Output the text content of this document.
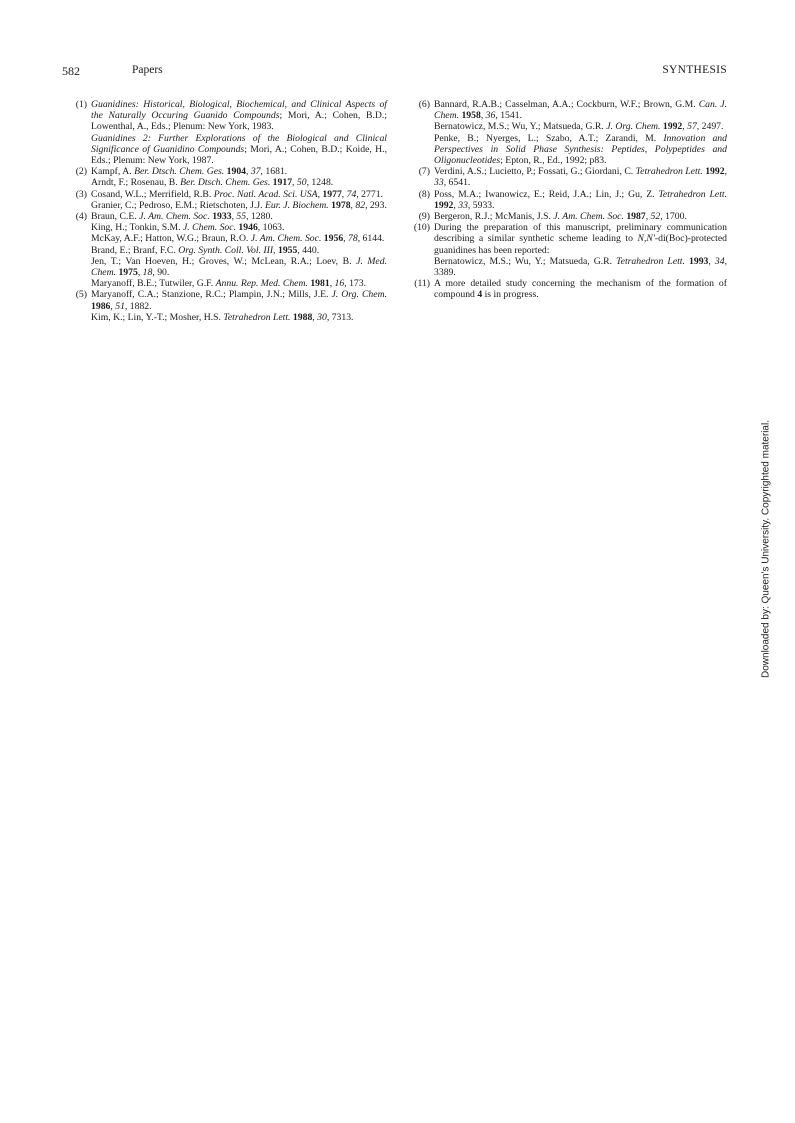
582	Papers	SYNTHESIS
(1) Guanidines: Historical, Biological, Biochemical, and Clinical Aspects of the Naturally Occuring Guanido Compounds; Mori, A.; Cohen, B.D.; Lowenthal, A., Eds.; Plenum: New York, 1983.
Guanidines 2: Further Explorations of the Biological and Clinical Significance of Guanidino Compounds; Mori, A.; Cohen, B.D.; Koide, H., Eds.; Plenum: New York, 1987.
(2) Kampf, A. Ber. Dtsch. Chem. Ges. 1904, 37, 1681.
Arndt, F.; Rosenau, B. Ber. Dtsch. Chem. Ges. 1917, 50, 1248.
(3) Cosand, W.L.; Merrifield, R.B. Proc. Natl. Acad. Sci. USA, 1977, 74, 2771.
Granier, C.; Pedroso, E.M.; Rietschoten, J.J. Eur. J. Biochem. 1978, 82, 293.
(4) Braun, C.E. J. Am. Chem. Soc. 1933, 55, 1280.
King, H.; Tonkin, S.M. J. Chem. Soc. 1946, 1063.
McKay, A.F.; Hatton, W.G.; Braun, R.O. J. Am. Chem. Soc. 1956, 78, 6144.
Brand, E.; Branf, F.C. Org. Synth. Coll. Vol. III, 1955, 440.
Jen, T.; Van Hoeven, H.; Groves, W.; McLean, R.A.; Loev, B. J. Med. Chem. 1975, 18, 90.
Maryanoff, B.E.; Tutwiler, G.F. Annu. Rep. Med. Chem. 1981, 16, 173.
(5) Maryanoff, C.A.; Stanzione, R.C.; Plampin, J.N.; Mills, J.E. J. Org. Chem. 1986, 51, 1882.
Kim, K.; Lin, Y.-T.; Mosher, H.S. Tetrahedron Lett. 1988, 30, 7313.
(6) Bannard, R.A.B.; Casselman, A.A.; Cockburn, W.F.; Brown, G.M. Can. J. Chem. 1958, 36, 1541.
Bernatowicz, M.S.; Wu, Y.; Matsueda, G.R. J. Org. Chem. 1992, 57, 2497.
Penke, B.; Nyerges, L.; Szabo, A.T.; Zarandi, M. Innovation and Perspectives in Solid Phase Synthesis: Peptides, Polypeptides and Oligonucleotides; Epton, R., Ed., 1992; p83.
(7) Verdini, A.S.; Lucietto, P.; Fossati, G.; Giordani, C. Tetrahedron Lett. 1992, 33, 6541.
(8) Poss, M.A.; Iwanowicz, E.; Reid, J.A.; Lin, J.; Gu, Z. Tetrahedron Lett. 1992, 33, 5933.
(9) Bergeron, R.J.; McManis, J.S. J. Am. Chem. Soc. 1987, 52, 1700.
(10) During the preparation of this manuscript, preliminary communication describing a similar synthetic scheme leading to N,N'-di(Boc)-protected guanidines has been reported:
Bernatowicz, M.S.; Wu, Y.; Matsueda, G.R. Tetrahedron Lett. 1993, 34, 3389.
(11) A more detailed study concerning the mechanism of the formation of compound 4 is in progress.
Downloaded by: Queen's University. Copyrighted material.
